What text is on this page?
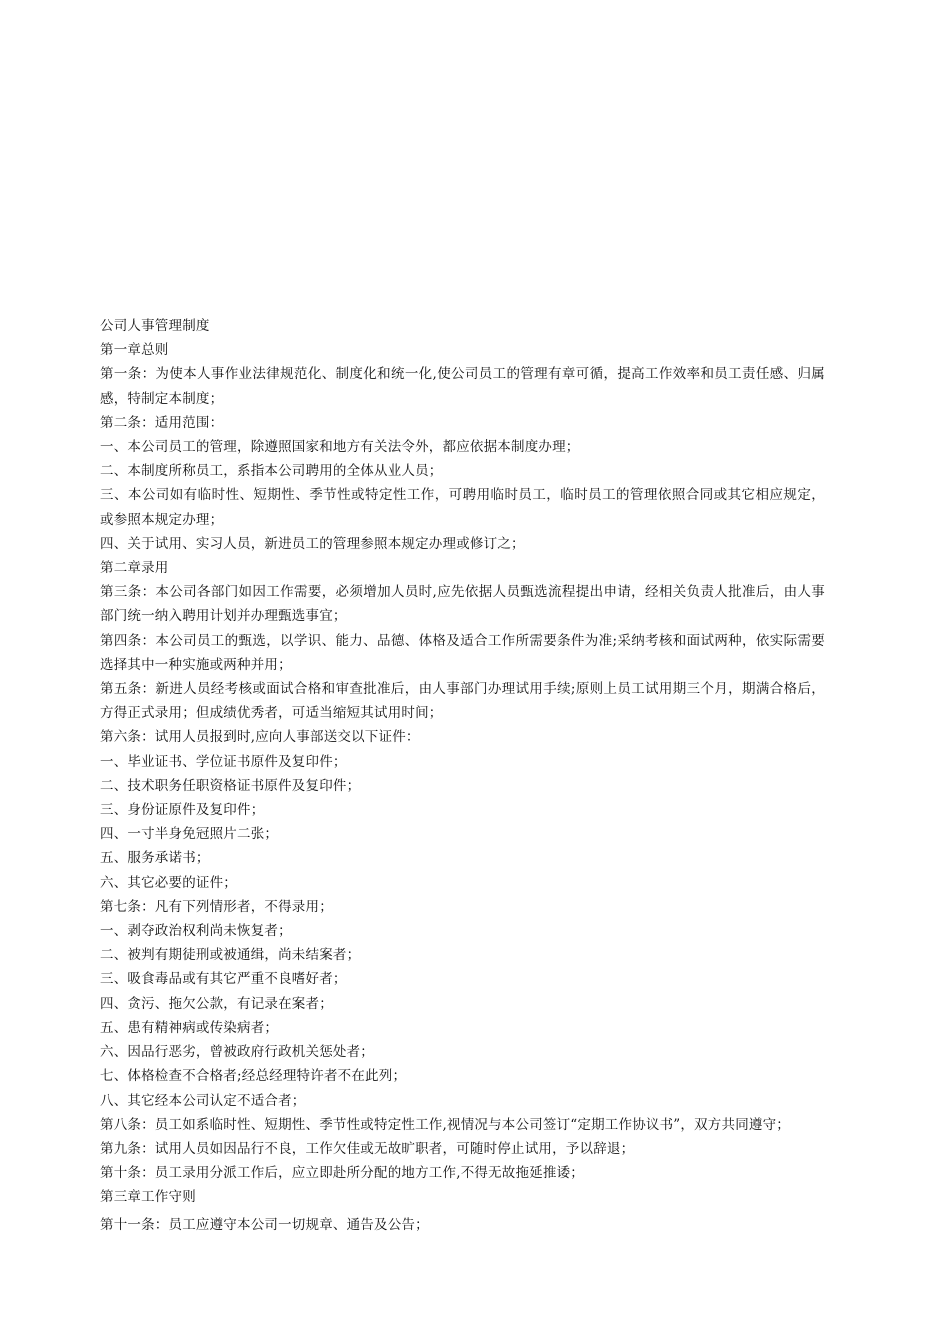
公司人事管理制度
第一章总则
第一条：为使本人事作业法律规范化、制度化和统一化,使公司员工的管理有章可循，提高工作效率和员工责任感、归属感，特制定本制度；
第二条：适用范围：
一、本公司员工的管理，除遵照国家和地方有关法令外，都应依据本制度办理；
二、本制度所称员工，系指本公司聘用的全体从业人员；
三、本公司如有临时性、短期性、季节性或特定性工作，可聘用临时员工，临时员工的管理依照合同或其它相应规定，或参照本规定办理；
四、关于试用、实习人员，新进员工的管理参照本规定办理或修订之；
第二章录用
第三条：本公司各部门如因工作需要，必须增加人员时,应先依据人员甄选流程提出申请，经相关负责人批准后，由人事部门统一纳入聘用计划并办理甄选事宜；
第四条：本公司员工的甄选，以学识、能力、品德、体格及适合工作所需要条件为准;采纳考核和面试两种，依实际需要选择其中一种实施或两种并用；
第五条：新进人员经考核或面试合格和审查批准后，由人事部门办理试用手续;原则上员工试用期三个月，期满合格后，方得正式录用；但成绩优秀者，可适当缩短其试用时间；
第六条：试用人员报到时,应向人事部送交以下证件：
一、毕业证书、学位证书原件及复印件；
二、技术职务任职资格证书原件及复印件；
三、身份证原件及复印件；
四、一寸半身免冠照片二张；
五、服务承诺书；
六、其它必要的证件；
第七条：凡有下列情形者，不得录用；
一、剥夺政治权利尚未恢复者；
二、被判有期徒刑或被通缉，尚未结案者；
三、吸食毒品或有其它严重不良嗜好者；
四、贪污、拖欠公款，有记录在案者；
五、患有精神病或传染病者；
六、因品行恶劣，曾被政府行政机关惩处者；
七、体格检查不合格者;经总经理特许者不在此列；
八、其它经本公司认定不适合者；
第八条：员工如系临时性、短期性、季节性或特定性工作,视情况与本公司签订“定期工作协议书”，双方共同遵守；
第九条：试用人员如因品行不良，工作欠佳或无故旷职者，可随时停止试用，予以辞退；
第十条：员工录用分派工作后，应立即赴所分配的地方工作,不得无故拖延推诿；
第三章工作守则
第十一条：员工应遵守本公司一切规章、通告及公告；
